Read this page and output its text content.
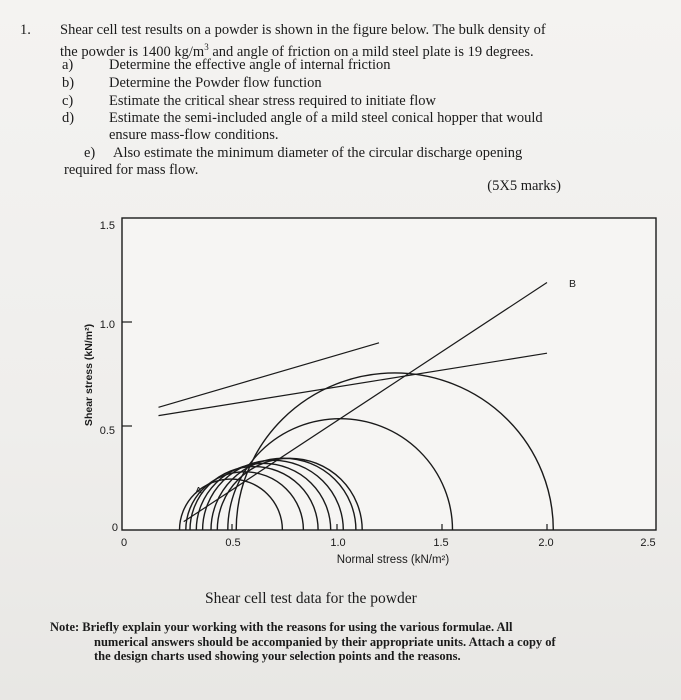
1. Shear cell test results on a powder is shown in the figure below. The bulk density of
the powder is 1400 $kg/m^3$ and angle of friction on a mild steel plate is 19 degrees.
a) Determine the effective angle of internal friction
b) Determine the Powder flow function
c) Estimate the critical shear stress required to initiate flow
d) Estimate the semi-included angle of a mild steel conical hopper that would
ensure mass-flow conditions.
e) Also estimate the minimum diameter of the circular discharge opening
required for mass flow.
(5X5 marks)
1.5
1.0
0.5
0
0	0.5	1.0	1.5	2.0	2.5
Normal stress (kN/m²)
Shear stress (kN/m²)
A
B
Shear cell test data for the powder
Note: Briefly explain your working with the reasons for using the various formulae. All
numerical answers should be accompanied by their appropriate units. Attach a copy of
the design charts used showing your selection points and the reasons.
